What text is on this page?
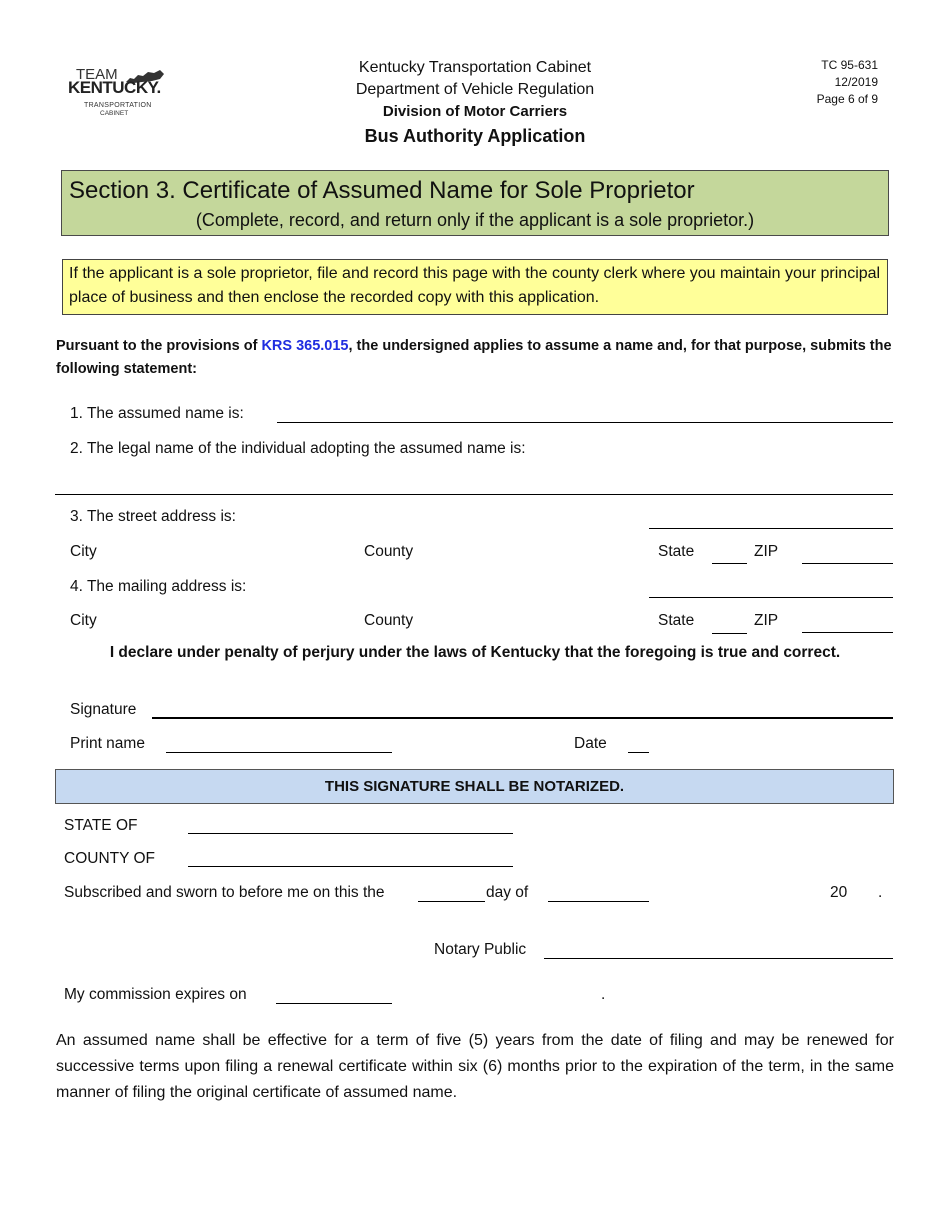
TEAM
KENTUCKY.
TRANSPORTATION
CABINET
Kentucky Transportation Cabinet
Department of Vehicle Regulation
Division of Motor Carriers
Bus Authority Application
TC 95-631
12/2019
Page 6 of 9
Section 3. Certificate of Assumed Name for Sole Proprietor
(Complete, record, and return only if the applicant is a sole proprietor.)
If the applicant is a sole proprietor, file and record this page with the county clerk where you maintain your principal place of business and then enclose the recorded copy with this application.
Pursuant to the provisions of KRS 365.015, the undersigned applies to assume a name and, for that purpose, submits the following statement:
1. The assumed name is:
2. The legal name of the individual adopting the assumed name is:
3. The street address is:
City	County	State	ZIP
4. The mailing address is:
City	County	State	ZIP
I declare under penalty of perjury under the laws of Kentucky that the foregoing is true and correct.
Signature
Print name	Date
THIS SIGNATURE SHALL BE NOTARIZED.
STATE OF
COUNTY OF
Subscribed and sworn to before me on this the	day of	20 .
Notary Public
My commission expires on	.
An assumed name shall be effective for a term of five (5) years from the date of filing and may be renewed for successive terms upon filing a renewal certificate within six (6) months prior to the expiration of the term, in the same manner of filing the original certificate of assumed name.
